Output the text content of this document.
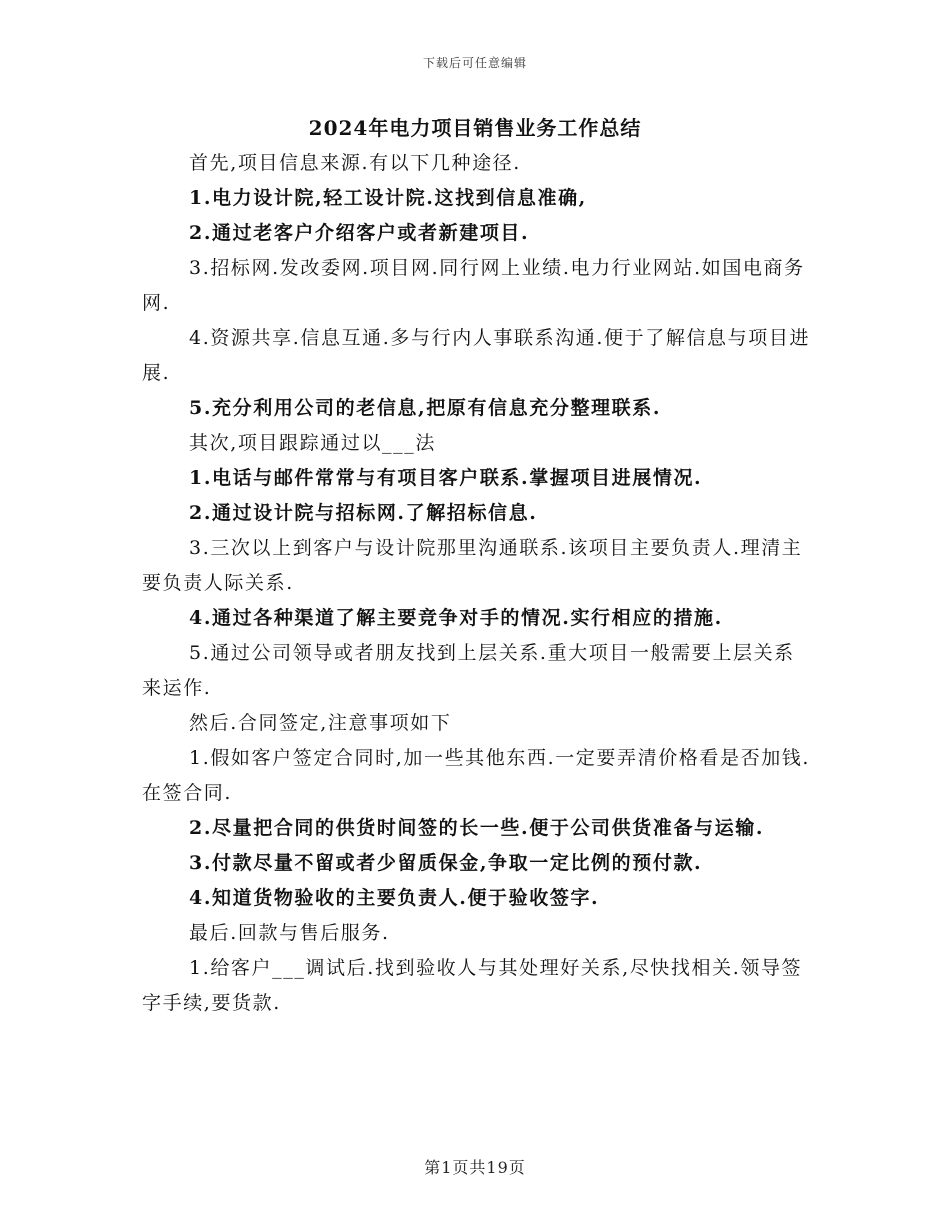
下载后可任意编辑
2024年电力项目销售业务工作总结

首先,项目信息来源.有以下几种途径.

1.电力设计院,轻工设计院.这找到信息准确,

2.通过老客户介绍客户或者新建项目.

3.招标网.发改委网.项目网.同行网上业绩.电力行业网站.如国电商务网.

4.资源共享.信息互通.多与行内人事联系沟通.便于了解信息与项目进展.

5.充分利用公司的老信息,把原有信息充分整理联系.

其次,项目跟踪通过以___法

1.电话与邮件常常与有项目客户联系.掌握项目进展情况.

2.通过设计院与招标网.了解招标信息.

3.三次以上到客户与设计院那里沟通联系.该项目主要负责人.理清主要负责人际关系.

4.通过各种渠道了解主要竞争对手的情况.实行相应的措施.

5.通过公司领导或者朋友找到上层关系.重大项目一般需要上层关系来运作.

然后.合同签定,注意事项如下

1.假如客户签定合同时,加一些其他东西.一定要弄清价格看是否加钱.在签合同.

2.尽量把合同的供货时间签的长一些.便于公司供货准备与运输.

3.付款尽量不留或者少留质保金,争取一定比例的预付款.

4.知道货物验收的主要负责人.便于验收签字.

最后.回款与售后服务.

1.给客户___调试后.找到验收人与其处理好关系,尽快找相关.领导签字手续,要货款.

第1页共19页
